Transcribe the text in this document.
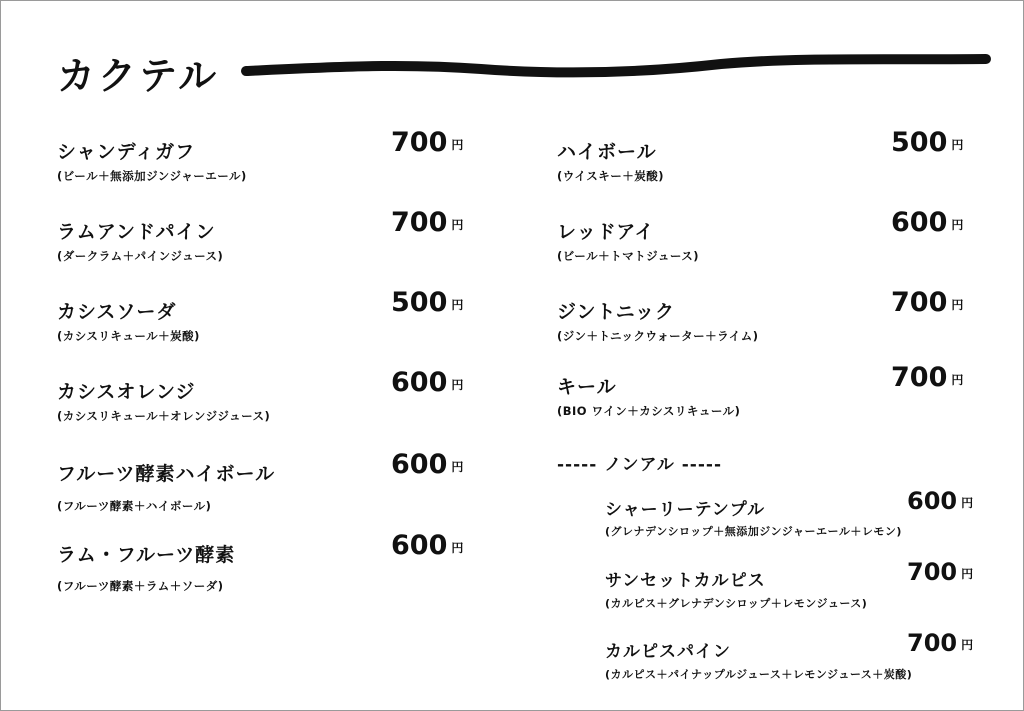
カクテル
シャンディガフ
(ビール＋無添加ジンジャーエール)
700 円
ラムアンドパイン
(ダークラム＋パインジュース)
700 円
カシスソーダ
(カシスリキュール＋炭酸)
500 円
カシスオレンジ
(カシスリキュール＋オレンジジュース)
600 円
フルーツ酵素ハイボール
(フルーツ酵素＋ハイボール)
600 円
ラム・フルーツ酵素
(フルーツ酵素＋ラム＋ソーダ)
600 円
ハイボール
(ウイスキー＋炭酸)
500 円
レッドアイ
(ビール＋トマトジュース)
600 円
ジントニック
(ジン＋トニックウォーター＋ライム)
700 円
キール
(BIO ワイン＋カシスリキュール)
700 円
----- ノンアル -----
シャーリーテンプル
(グレナデンシロップ＋無添加ジンジャーエール＋レモン)
600 円
サンセットカルピス
(カルピス＋グレナデンシロップ＋レモンジュース)
700 円
カルピスパイン
(カルピス＋パイナップルジュース＋レモンジュース＋炭酸)
700 円
